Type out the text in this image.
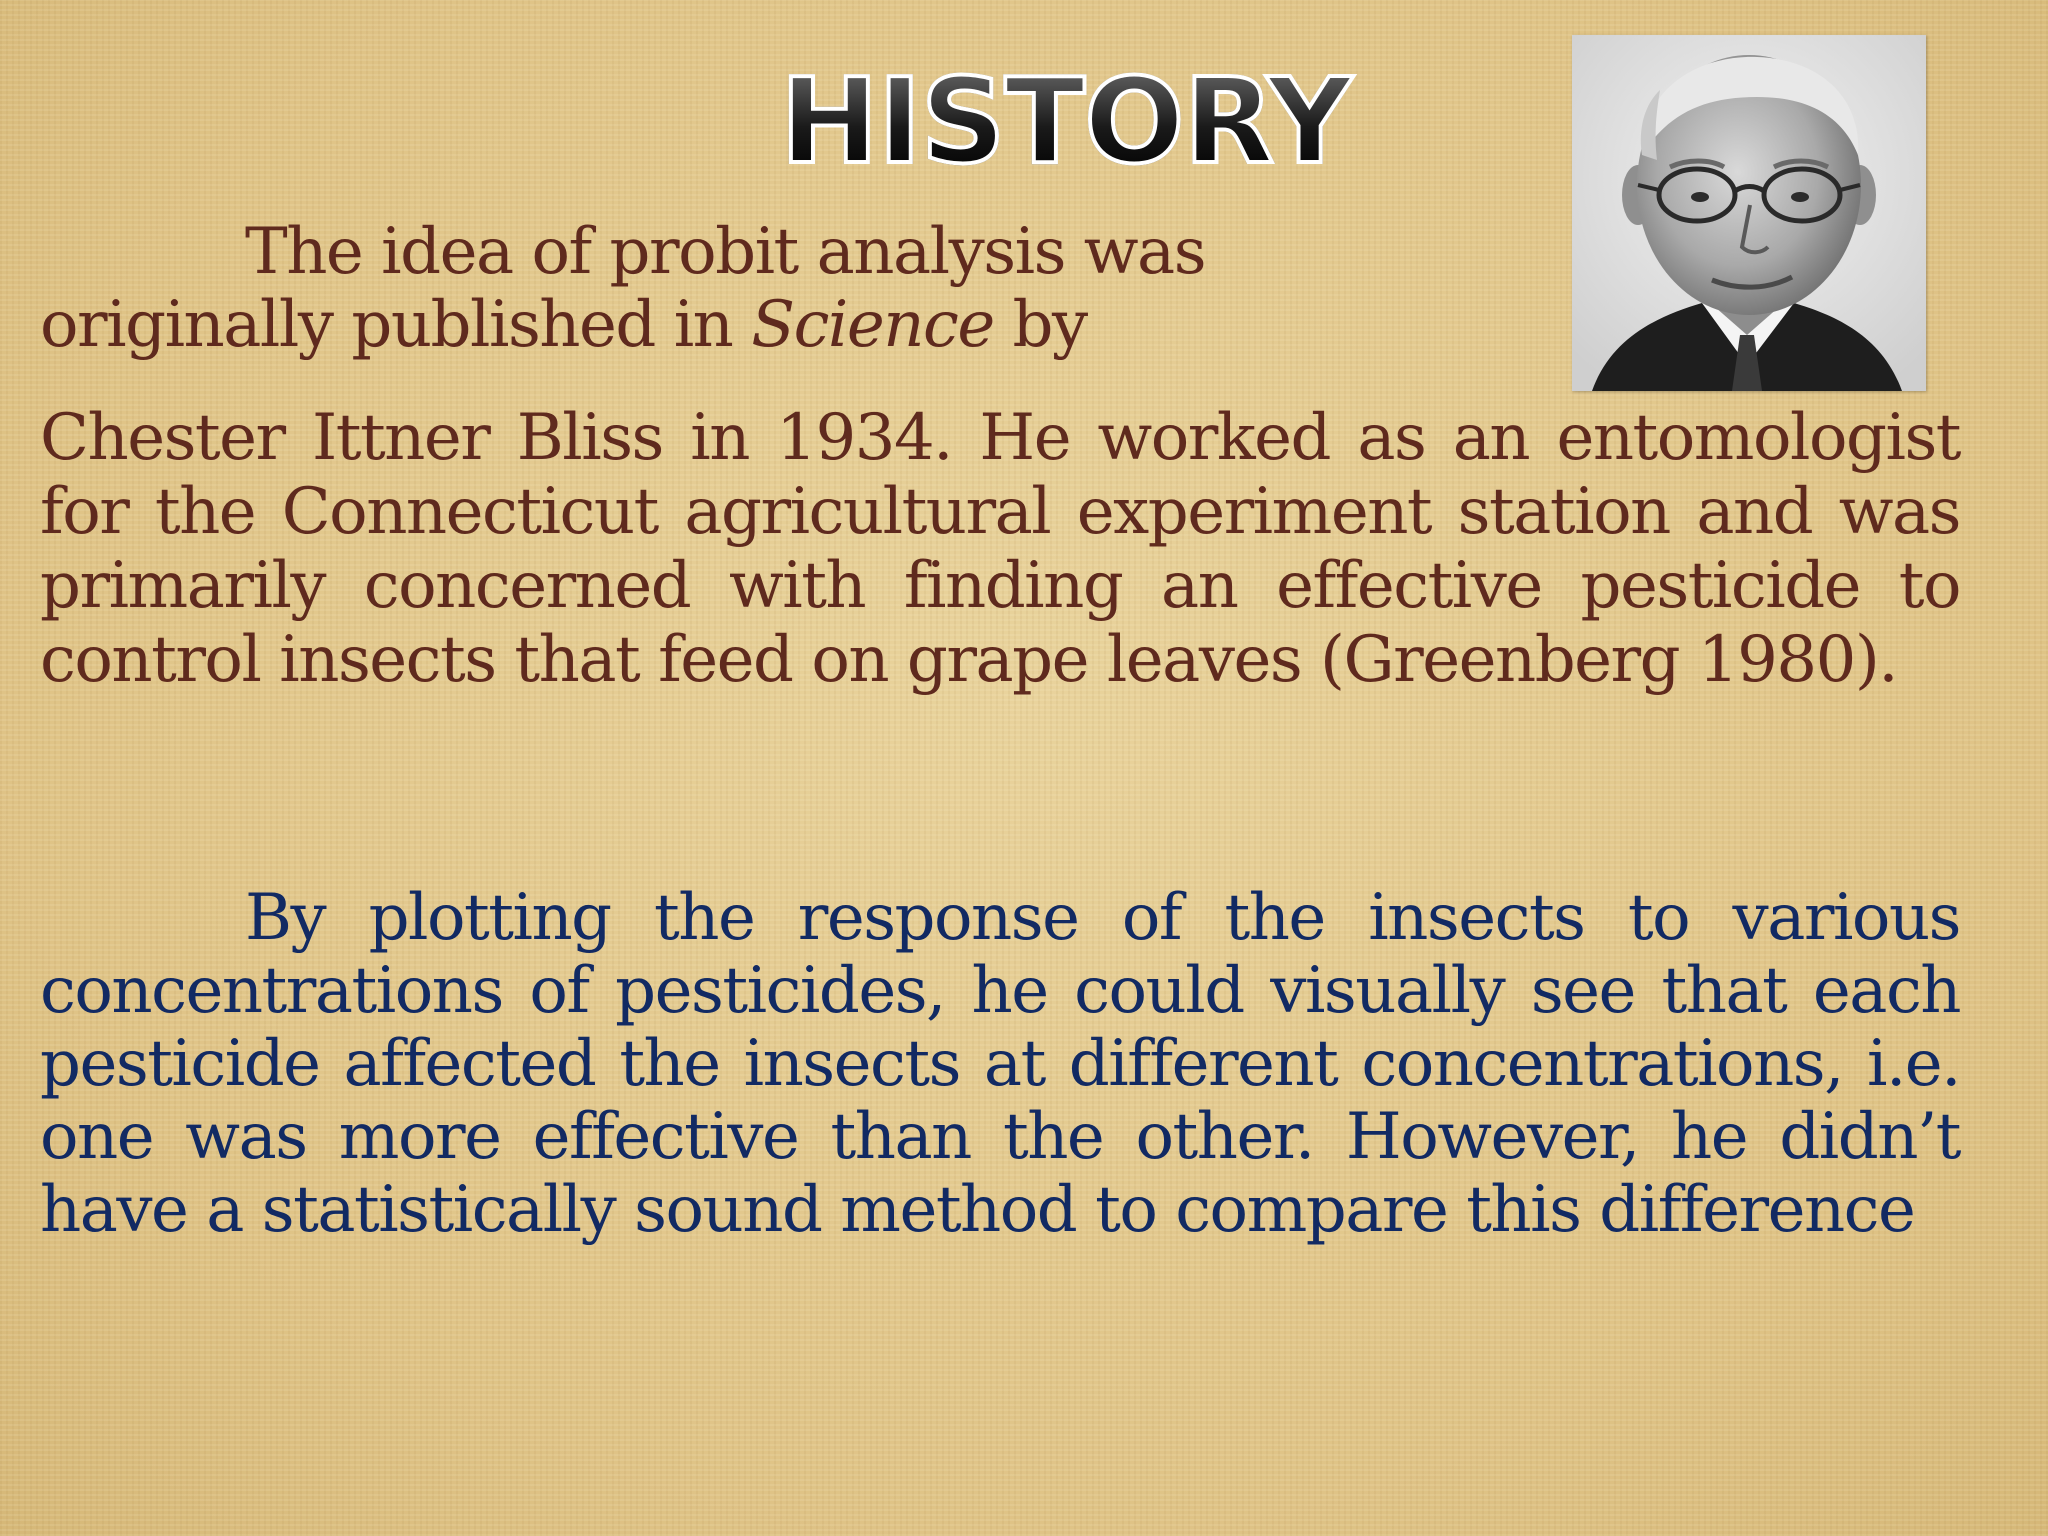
HISTORY

The idea of probit analysis was
originally published in Science by

Chester Ittner Bliss in 1934. He worked as an entomologist for the Connecticut agricultural experiment station and was primarily concerned with finding an effective pesticide to control insects that feed on grape leaves (Greenberg 1980).

By plotting the response of the insects to various concentrations of pesticides, he could visually see that each pesticide affected the insects at different concentrations, i.e. one was more effective than the other. However, he didn’t have a statistically sound method to compare this difference
